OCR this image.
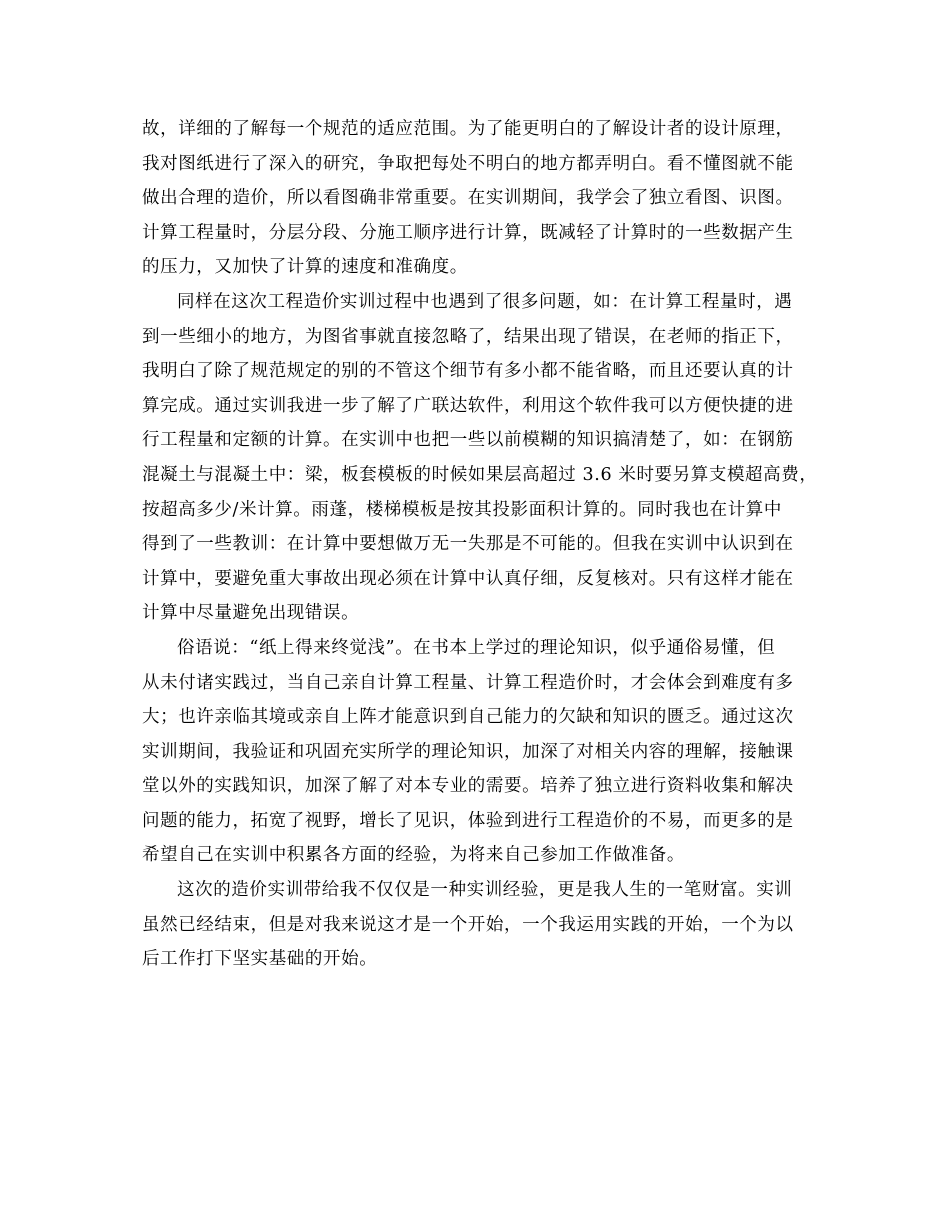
故，详细的了解每一个规范的适应范围。为了能更明白的了解设计者的设计原理，
我对图纸进行了深入的研究，争取把每处不明白的地方都弄明白。看不懂图就不能
做出合理的造价，所以看图确非常重要。在实训期间，我学会了独立看图、识图。
计算工程量时，分层分段、分施工顺序进行计算，既减轻了计算时的一些数据产生
的压力，又加快了计算的速度和准确度。
同样在这次工程造价实训过程中也遇到了很多问题，如：在计算工程量时，遇
到一些细小的地方，为图省事就直接忽略了，结果出现了错误，在老师的指正下，
我明白了除了规范规定的别的不管这个细节有多小都不能省略，而且还要认真的计
算完成。通过实训我进一步了解了广联达软件，利用这个软件我可以方便快捷的进
行工程量和定额的计算。在实训中也把一些以前模糊的知识搞清楚了，如：在钢筋
混凝土与混凝土中：梁，板套模板的时候如果层高超过 3.6 米时要另算支模超高费，
按超高多少/米计算。雨蓬，楼梯模板是按其投影面积计算的。同时我也在计算中
得到了一些教训：在计算中要想做万无一失那是不可能的。但我在实训中认识到在
计算中，要避免重大事故出现必须在计算中认真仔细，反复核对。只有这样才能在
计算中尽量避免出现错误。
俗语说：“纸上得来终觉浅”。在书本上学过的理论知识，似乎通俗易懂，但
从未付诸实践过，当自己亲自计算工程量、计算工程造价时，才会体会到难度有多
大；也许亲临其境或亲自上阵才能意识到自己能力的欠缺和知识的匮乏。通过这次
实训期间，我验证和巩固充实所学的理论知识，加深了对相关内容的理解，接触课
堂以外的实践知识，加深了解了对本专业的需要。培养了独立进行资料收集和解决
问题的能力，拓宽了视野，增长了见识，体验到进行工程造价的不易，而更多的是
希望自己在实训中积累各方面的经验，为将来自己参加工作做准备。
这次的造价实训带给我不仅仅是一种实训经验，更是我人生的一笔财富。实训
虽然已经结束，但是对我来说这才是一个开始，一个我运用实践的开始，一个为以
后工作打下坚实基础的开始。
